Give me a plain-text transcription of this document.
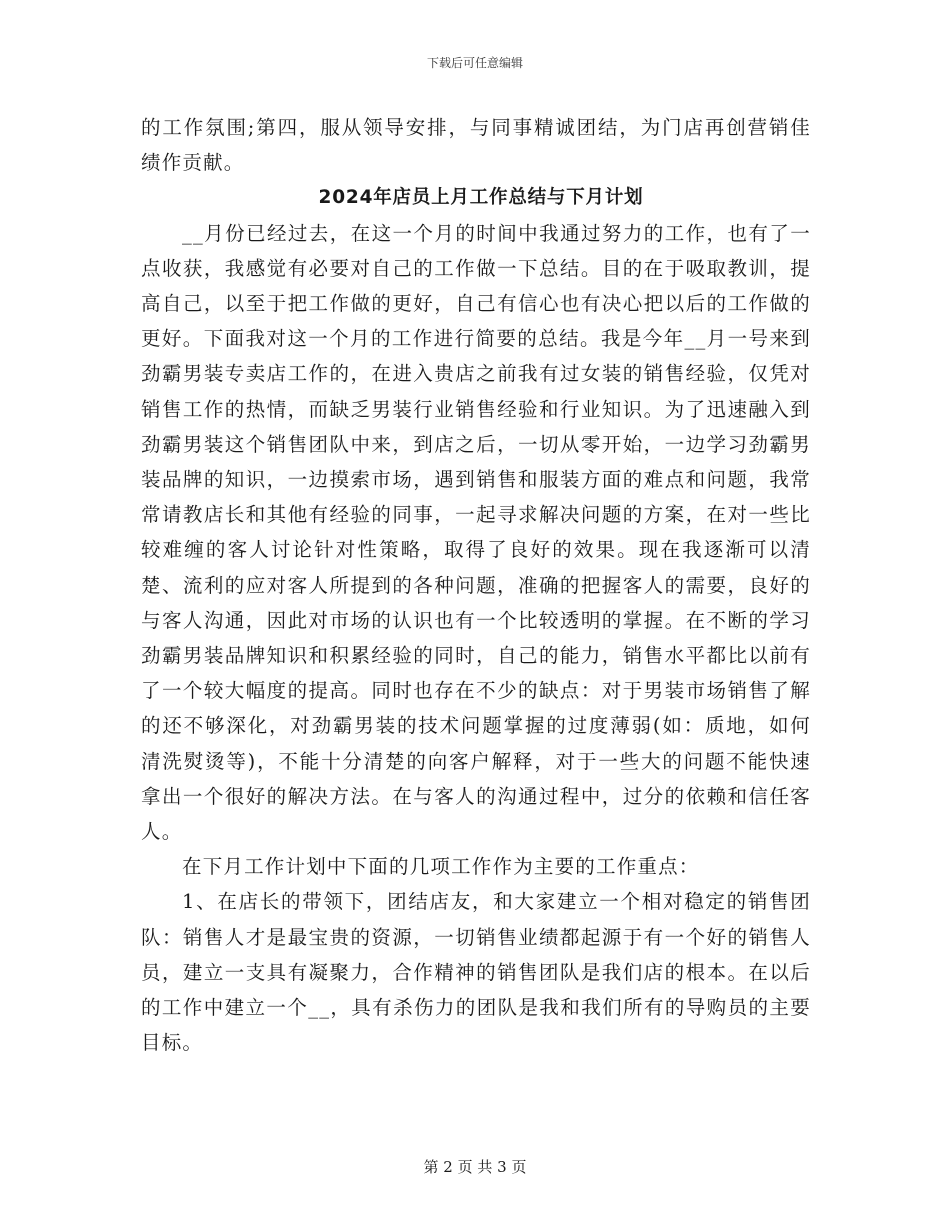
下载后可任意编辑

的工作氛围;第四，服从领导安排，与同事精诚团结，为门店再创营销佳绩作贡献。

2024年店员上月工作总结与下月计划

__月份已经过去，在这一个月的时间中我通过努力的工作，也有了一点收获，我感觉有必要对自己的工作做一下总结。目的在于吸取教训，提高自己，以至于把工作做的更好，自己有信心也有决心把以后的工作做的更好。下面我对这一个月的工作进行简要的总结。我是今年__月一号来到劲霸男装专卖店工作的，在进入贵店之前我有过女装的销售经验，仅凭对销售工作的热情，而缺乏男装行业销售经验和行业知识。为了迅速融入到劲霸男装这个销售团队中来，到店之后，一切从零开始，一边学习劲霸男装品牌的知识，一边摸索市场，遇到销售和服装方面的难点和问题，我常常请教店长和其他有经验的同事，一起寻求解决问题的方案，在对一些比较难缠的客人讨论针对性策略，取得了良好的效果。现在我逐渐可以清楚、流利的应对客人所提到的各种问题，准确的把握客人的需要，良好的与客人沟通，因此对市场的认识也有一个比较透明的掌握。在不断的学习劲霸男装品牌知识和积累经验的同时，自己的能力，销售水平都比以前有了一个较大幅度的提高。同时也存在不少的缺点：对于男装市场销售了解的还不够深化，对劲霸男装的技术问题掌握的过度薄弱(如：质地，如何清洗熨烫等)，不能十分清楚的向客户解释，对于一些大的问题不能快速拿出一个很好的解决方法。在与客人的沟通过程中，过分的依赖和信任客人。

在下月工作计划中下面的几项工作作为主要的工作重点：

1、在店长的带领下，团结店友，和大家建立一个相对稳定的销售团队：销售人才是最宝贵的资源，一切销售业绩都起源于有一个好的销售人员，建立一支具有凝聚力，合作精神的销售团队是我们店的根本。在以后的工作中建立一个__，具有杀伤力的团队是我和我们所有的导购员的主要目标。

第 2 页 共 3 页
